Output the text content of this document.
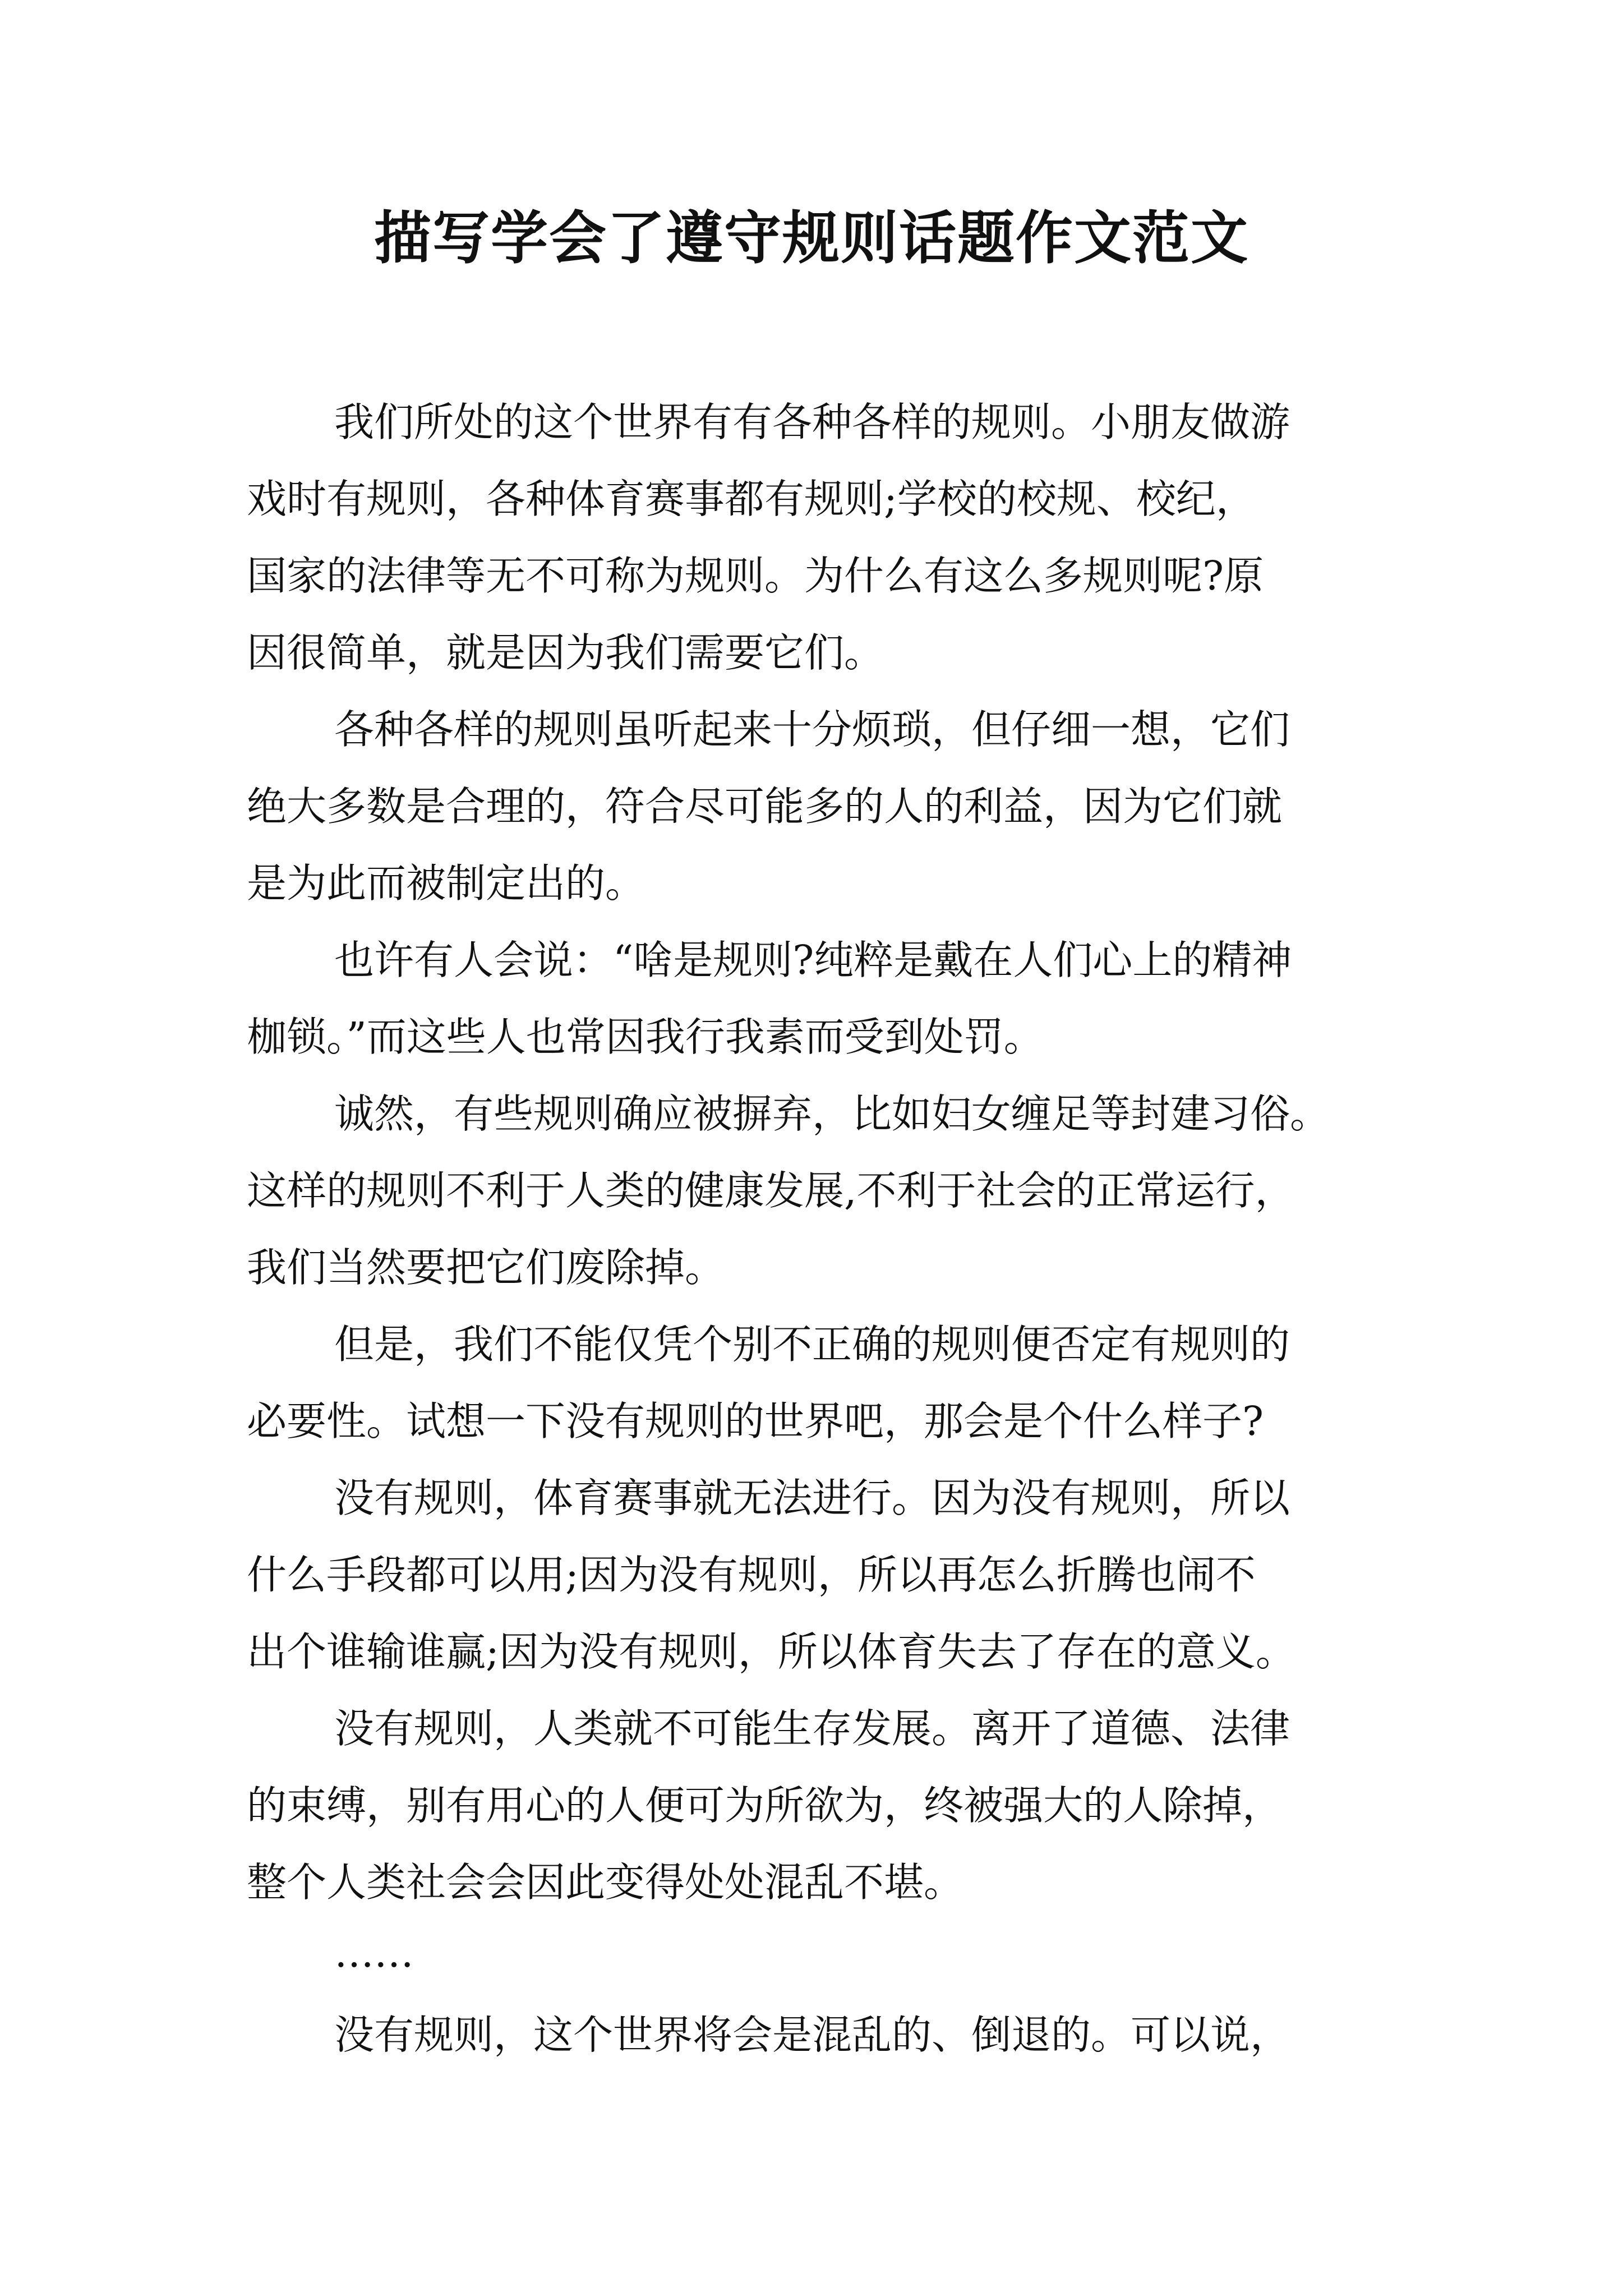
描写学会了遵守规则话题作文范文
我们所处的这个世界有有各种各样的规则。小朋友做游
戏时有规则，各种体育赛事都有规则;学校的校规、校纪，
国家的法律等无不可称为规则。为什么有这么多规则呢?原
因很简单，就是因为我们需要它们。
各种各样的规则虽听起来十分烦琐，但仔细一想，它们
绝大多数是合理的，符合尽可能多的人的利益，因为它们就
是为此而被制定出的。
也许有人会说：“啥是规则?纯粹是戴在人们心上的精神
枷锁。”而这些人也常因我行我素而受到处罚。
诚然，有些规则确应被摒弃，比如妇女缠足等封建习俗。
这样的规则不利于人类的健康发展,不利于社会的正常运行，
我们当然要把它们废除掉。
但是，我们不能仅凭个别不正确的规则便否定有规则的
必要性。试想一下没有规则的世界吧，那会是个什么样子?
没有规则，体育赛事就无法进行。因为没有规则，所以
什么手段都可以用;因为没有规则，所以再怎么折腾也闹不
出个谁输谁赢;因为没有规则，所以体育失去了存在的意义。
没有规则，人类就不可能生存发展。离开了道德、法律
的束缚，别有用心的人便可为所欲为，终被强大的人除掉，
整个人类社会会因此变得处处混乱不堪。
……
没有规则，这个世界将会是混乱的、倒退的。可以说，
